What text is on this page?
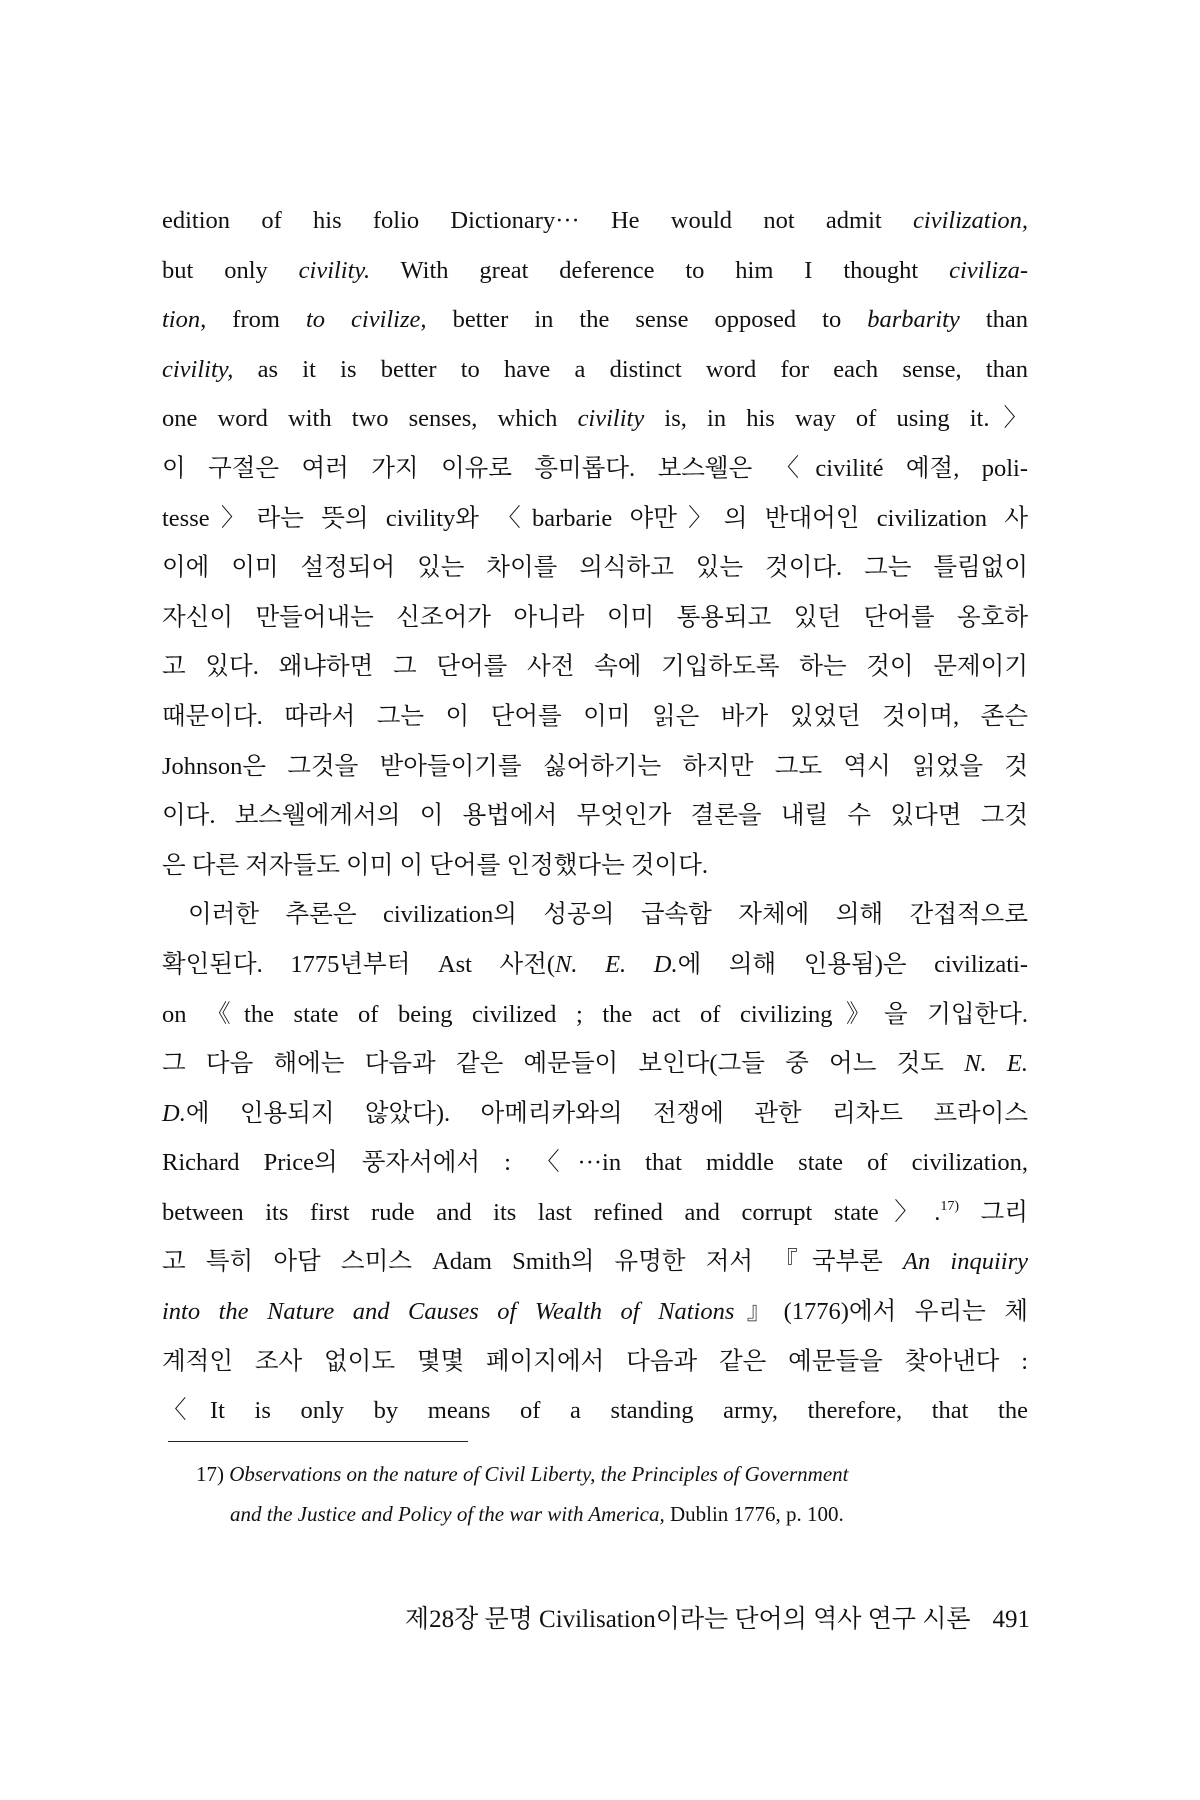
edition of his folio Dictionary··· He would not admit civilization,
but only civility. With great deference to him I thought civiliza-
tion, from to civilize, better in the sense opposed to barbarity than
civility, as it is better to have a distinct word for each sense, than
one word with two senses, which civility is, in his way of using it.〉
이 구절은 여러 가지 이유로 흥미롭다. 보스웰은 〈civilité 예절, poli-
tesse〉라는 뜻의 civility와 〈barbarie 야만〉의 반대어인 civilization 사
이에 이미 설정되어 있는 차이를 의식하고 있는 것이다. 그는 틀림없이
자신이 만들어내는 신조어가 아니라 이미 통용되고 있던 단어를 옹호하
고 있다. 왜냐하면 그 단어를 사전 속에 기입하도록 하는 것이 문제이기
때문이다. 따라서 그는 이 단어를 이미 읽은 바가 있었던 것이며, 존슨
Johnson은 그것을 받아들이기를 싫어하기는 하지만 그도 역시 읽었을 것
이다. 보스웰에게서의 이 용법에서 무엇인가 결론을 내릴 수 있다면 그것
은 다른 저자들도 이미 이 단어를 인정했다는 것이다.
이러한 추론은 civilization의 성공의 급속함 자체에 의해 간접적으로
확인된다. 1775년부터 Ast 사전(N. E. D.에 의해 인용됨)은 civilizati-
on 《the state of being civilized ; the act of civilizing》을 기입한다.
그 다음 해에는 다음과 같은 예문들이 보인다(그들 중 어느 것도 N. E.
D.에 인용되지 않았다). 아메리카와의 전쟁에 관한 리차드 프라이스
Richard Price의 풍자서에서 : 〈···in that middle state of civilization,
between its first rude and its last refined and corrupt state〉.$^{17)}$ 그리
고 특히 아담 스미스 Adam Smith의 유명한 저서 『국부론 An inquiiry
into the Nature and Causes of Wealth of Nations』(1776)에서 우리는 체
계적인 조사 없이도 몇몇 페이지에서 다음과 같은 예문들을 찾아낸다 :
〈It is only by means of a standing army, therefore, that the
17) Observations on the nature of Civil Liberty, the Principles of Government
and the Justice and Policy of the war with America, Dublin 1776, p. 100.
제28장 문명 Civilisation이라는 단어의 역사 연구 시론 491
